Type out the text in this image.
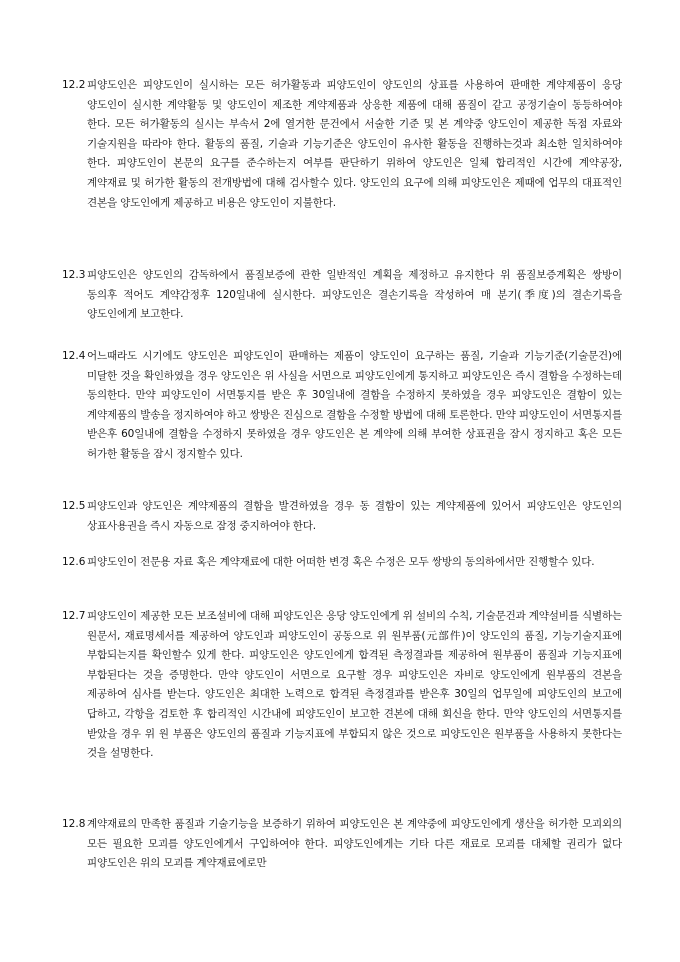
12.2 피양도인은 피양도인이 실시하는 모든 허가활동과 피양도인이 양도인의 상표를 사용하여 판매한 계약제품이 응당 양도인이 실시한 계약활동 및 양도인이 제조한 계약제품과 상응한 제품에 대해 품질이 같고 공정기술이 동등하여야 한다. 모든 허가활동의 실시는 부속서 2에 열거한 문건에서 서술한 기준 및 본 계약중 양도인이 제공한 독점 자료와 기술지원을 따라야 한다. 활동의 품질, 기술과 기능기준은 양도인이 유사한 활동을 진행하는것과 최소한 일치하여야 한다. 피양도인이 본문의 요구를 준수하는지 여부를 판단하기 위하여 양도인은 일체 합리적인 시간에 계약공장, 계약재료 및 허가한 활동의 전개방법에 대해 검사할수 있다. 양도인의 요구에 의해 피양도인은 제때에 업무의 대표적인 견본을 양도인에게 제공하고 비용은 양도인이 지불한다.
12.3 피양도인은 양도인의 감독하에서 품질보증에 관한 일반적인 계획을 제정하고 유지한다 위 품질보증계획은 쌍방이 동의후 적어도 계약감정후 120일내에 실시한다. 피양도인은 결손기록을 작성하여 매 분기(季度)의 결손기록을 양도인에게 보고한다.
12.4 어느때라도 시기에도 양도인은 피양도인이 판매하는 제품이 양도인이 요구하는 품질, 기술과 기능기준(기술문건)에 미달한 것을 확인하였을 경우 양도인은 위 사실을 서면으로 피양도인에게 통지하고 피양도인은 즉시 결함을 수정하는데 동의한다. 만약 피양도인이 서면통지를 받은 후 30일내에 결함을 수정하지 못하였을 경우 피양도인은 결함이 있는 계약제품의 발송을 정지하여야 하고 쌍방은 진심으로 결함을 수정할 방법에 대해 토론한다. 만약 피양도인이 서면통지를 받은후 60일내에 결함을 수정하지 못하였을 경우 양도인은 본 계약에 의해 부여한 상표권을 잠시 정지하고 혹은 모든 허가한 활동을 잠시 정지할수 있다.
12.5 피양도인과 양도인은 계약제품의 결함을 발견하였을 경우 동 결함이 있는 계약제품에 있어서 피양도인은 양도인의 상표사용권을 즉시 자동으로 잠정 중지하여야 한다.
12.6 피양도인이 전문용 자료 혹은 계약재료에 대한 어떠한 변경 혹은 수정은 모두 쌍방의 동의하에서만 진행할수 있다.
12.7 피양도인이 제공한 모든 보조설비에 대해 피양도인은 응당 양도인에게 위 설비의 수칙, 기술문건과 계약설비를 식별하는 원문서, 재료명세서를 제공하여 양도인과 피양도인이 공동으로 위 원부품(元部件)이 양도인의 품질, 기능기술지표에 부합되는지를 확인할수 있게 한다. 피양도인은 양도인에게 합격된 측정결과를 제공하여 원부품이 품질과 기능지표에 부합된다는 것을 증명한다. 만약 양도인이 서면으로 요구할 경우 피양도인은 자비로 양도인에게 원부품의 견본을 제공하여 심사를 받는다. 양도인은 최대한 노력으로 합격된 측정결과를 받은후 30일의 업무일에 피양도인의 보고에 답하고, 각항을 검토한 후 합리적인 시간내에 피양도인이 보고한 견본에 대해 회신을 한다. 만약 양도인의 서면통지를 받았을 경우 위 원 부품은 양도인의 품질과 기능지표에 부합되지 않은 것으로 피양도인은 원부품을 사용하지 못한다는 것을 설명한다.
12.8 계약재료의 만족한 품질과 기술기능을 보증하기 위하여 피양도인은 본 계약중에 피양도인에게 생산을 허가한 모괴외의 모든 필요한 모괴를 양도인에게서 구입하여야 한다. 피양도인에게는 기타 다른 재료로 모괴를 대체할 권리가 없다 피양도인은 위의 모괴를 계약재료에로만
